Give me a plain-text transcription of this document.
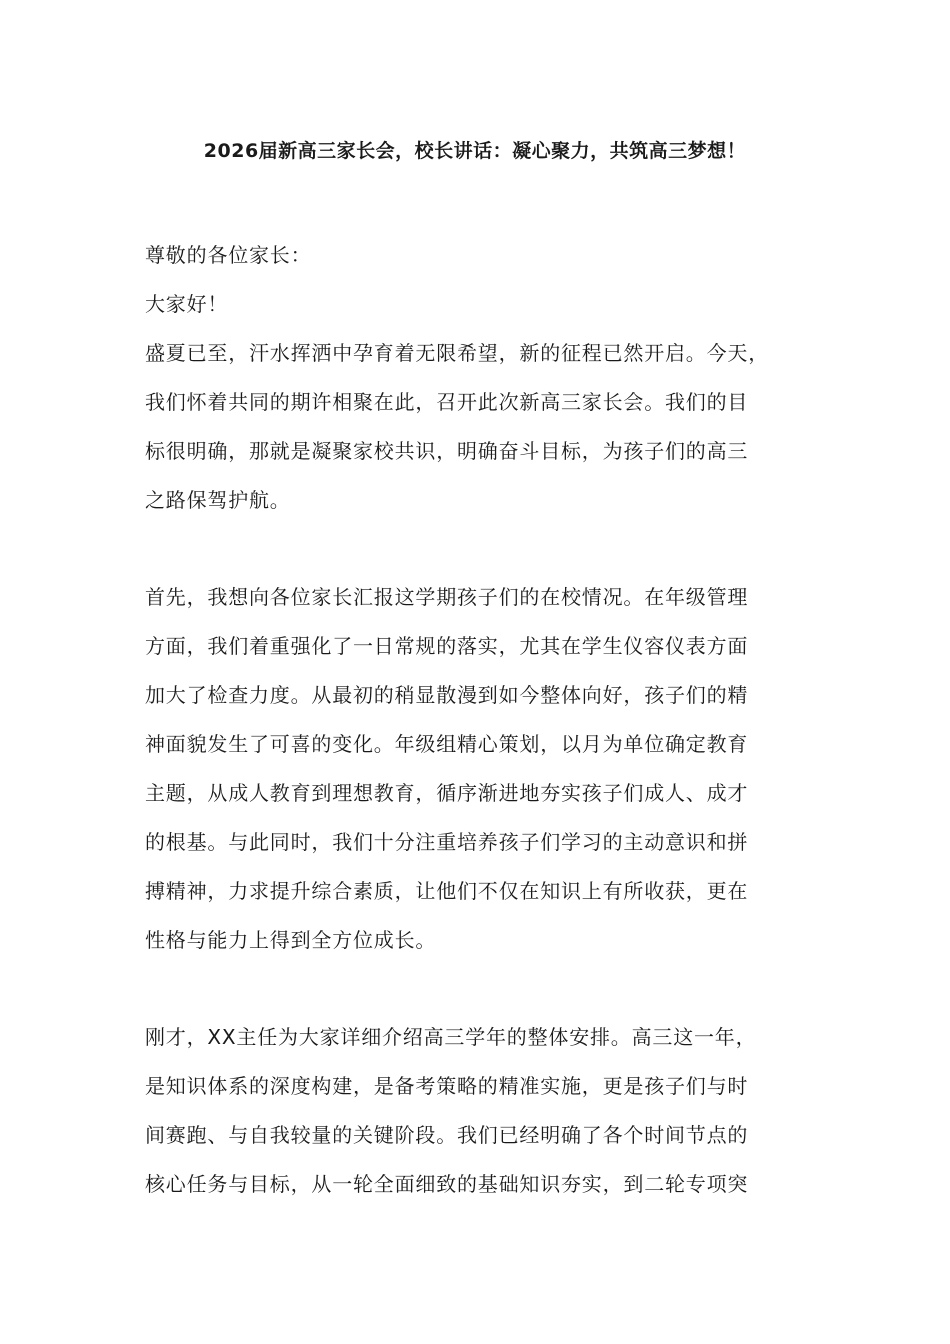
2026届新高三家长会，校长讲话：凝心聚力，共筑高三梦想！
尊敬的各位家长：
大家好！
盛夏已至，汗水挥洒中孕育着无限希望，新的征程已然开启。今天，
我们怀着共同的期许相聚在此，召开此次新高三家长会。我们的目
标很明确，那就是凝聚家校共识，明确奋斗目标，为孩子们的高三
之路保驾护航。
首先，我想向各位家长汇报这学期孩子们的在校情况。在年级管理
方面，我们着重强化了一日常规的落实，尤其在学生仪容仪表方面
加大了检查力度。从最初的稍显散漫到如今整体向好，孩子们的精
神面貌发生了可喜的变化。年级组精心策划，以月为单位确定教育
主题，从成人教育到理想教育，循序渐进地夯实孩子们成人、成才
的根基。与此同时，我们十分注重培养孩子们学习的主动意识和拼
搏精神，力求提升综合素质，让他们不仅在知识上有所收获，更在
性格与能力上得到全方位成长。
刚才，XX主任为大家详细介绍高三学年的整体安排。高三这一年，
是知识体系的深度构建，是备考策略的精准实施，更是孩子们与时
间赛跑、与自我较量的关键阶段。我们已经明确了各个时间节点的
核心任务与目标，从一轮全面细致的基础知识夯实，到二轮专项突
